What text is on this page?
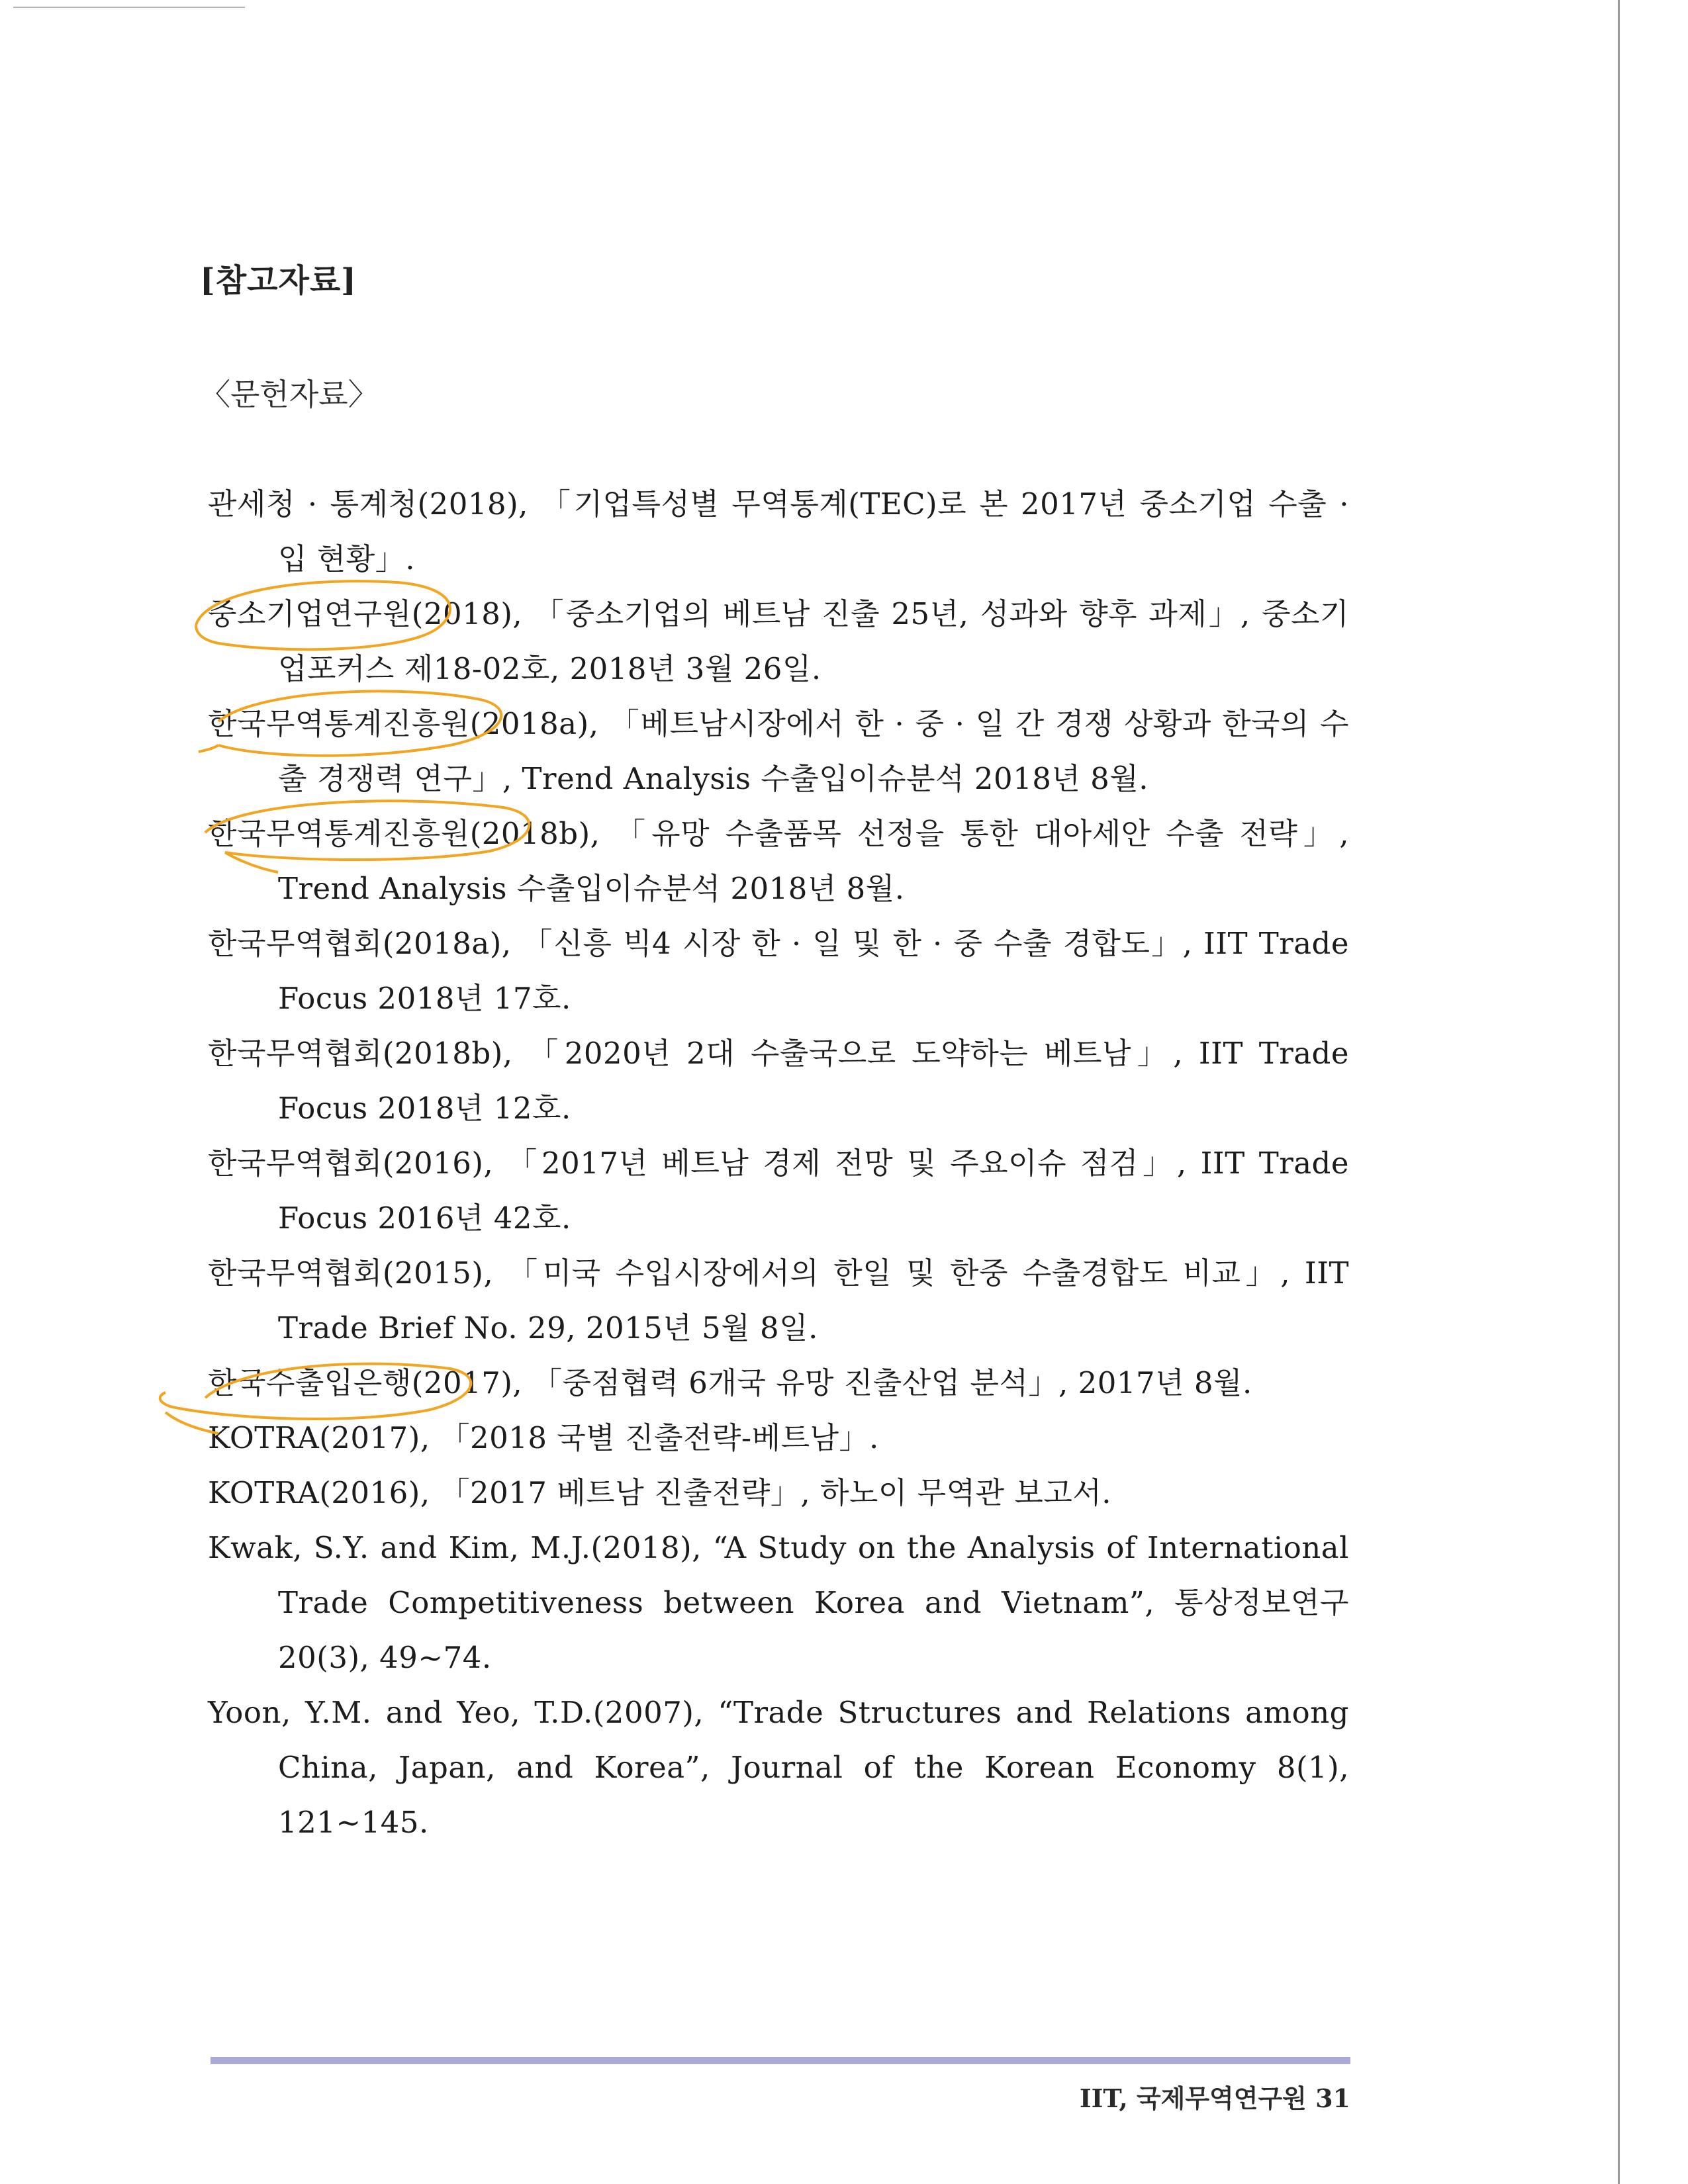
[참고자료]
〈문헌자료〉
관세청 · 통계청(2018), 「기업특성별 무역통계(TEC)로 본 2017년 중소기업 수출 · 입 현황」.
중소기업연구원(2018), 「중소기업의 베트남 진출 25년, 성과와 향후 과제」, 중소기업포커스 제18-02호, 2018년 3월 26일.
한국무역통계진흥원(2018a), 「베트남시장에서 한 · 중 · 일 간 경쟁 상황과 한국의 수출 경쟁력 연구」, Trend Analysis 수출입이슈분석 2018년 8월.
한국무역통계진흥원(2018b), 「유망 수출품목 선정을 통한 대아세안 수출 전략」, Trend Analysis 수출입이슈분석 2018년 8월.
한국무역협회(2018a), 「신흥 빅4 시장 한 · 일 및 한 · 중 수출 경합도」, IIT Trade Focus 2018년 17호.
한국무역협회(2018b), 「2020년 2대 수출국으로 도약하는 베트남」, IIT Trade Focus 2018년 12호.
한국무역협회(2016), 「2017년 베트남 경제 전망 및 주요이슈 점검」, IIT Trade Focus 2016년 42호.
한국무역협회(2015), 「미국 수입시장에서의 한일 및 한중 수출경합도 비교」, IIT Trade Brief No. 29, 2015년 5월 8일.
한국수출입은행(2017), 「중점협력 6개국 유망 진출산업 분석」, 2017년 8월.
KOTRA(2017), 「2018 국별 진출전략-베트남」.
KOTRA(2016), 「2017 베트남 진출전략」, 하노이 무역관 보고서.
Kwak, S.Y. and Kim, M.J.(2018), “A Study on the Analysis of International Trade Competitiveness between Korea and Vietnam”, 통상정보연구 20(3), 49~74.
Yoon, Y.M. and Yeo, T.D.(2007), “Trade Structures and Relations among China, Japan, and Korea”, Journal of the Korean Economy 8(1), 121~145.
IIT, 국제무역연구원 31
